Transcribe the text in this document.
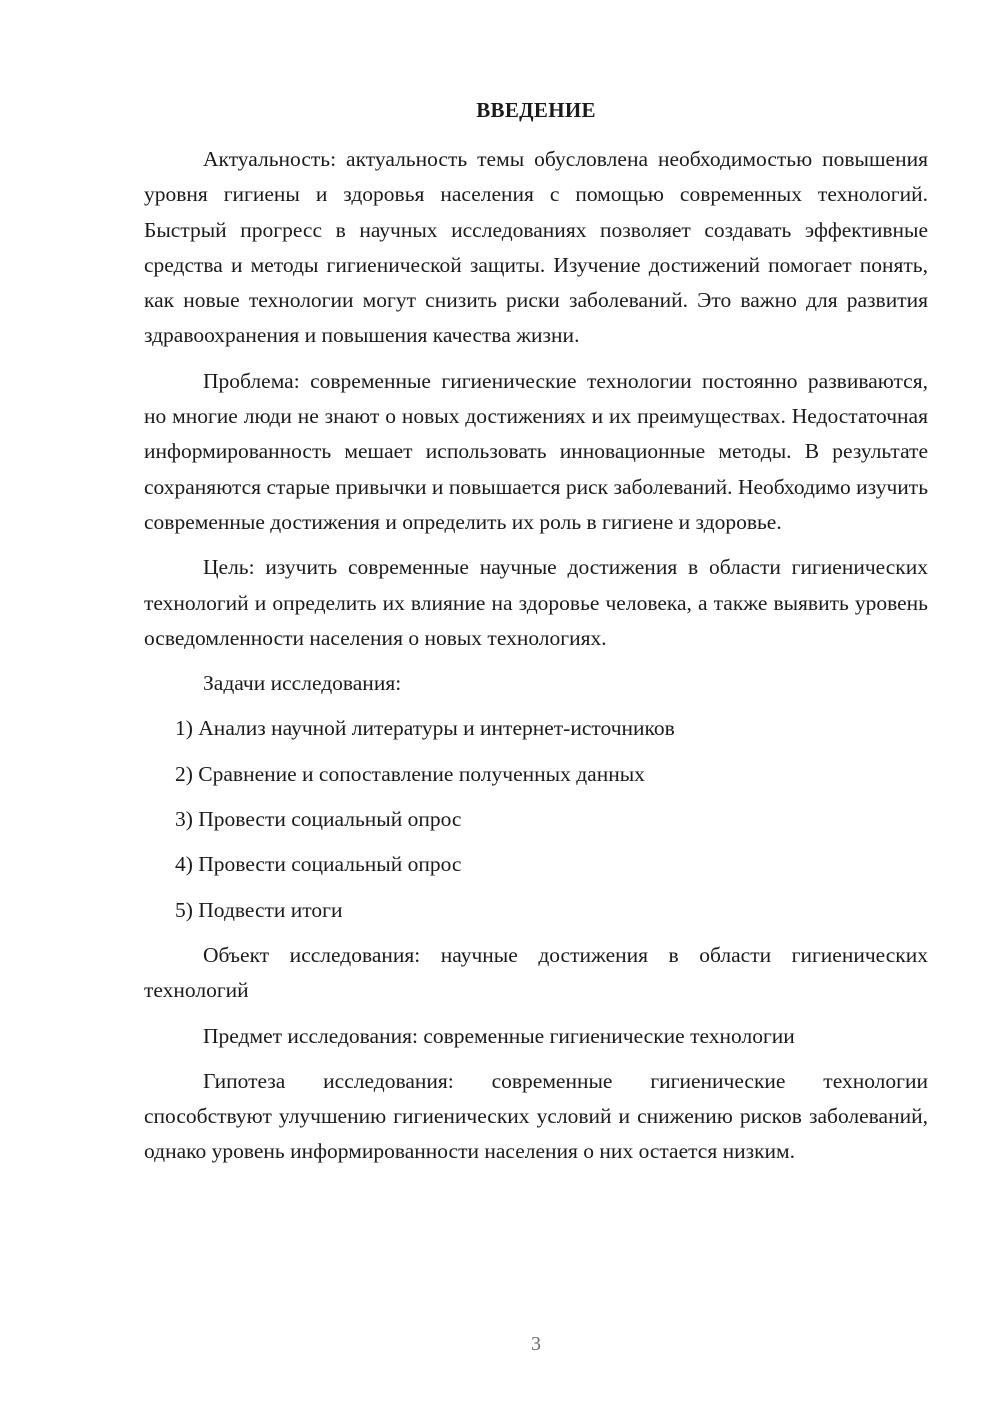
ВВЕДЕНИЕ

Актуальность: актуальность темы обусловлена необходимостью повышения уровня гигиены и здоровья населения с помощью современных технологий. Быстрый прогресс в научных исследованиях позволяет создавать эффективные средства и методы гигиенической защиты. Изучение достижений помогает понять, как новые технологии могут снизить риски заболеваний. Это важно для развития здравоохранения и повышения качества жизни.

Проблема: современные гигиенические технологии постоянно развиваются, но многие люди не знают о новых достижениях и их преимуществах. Недостаточная информированность мешает использовать инновационные методы. В результате сохраняются старые привычки и повышается риск заболеваний. Необходимо изучить современные достижения и определить их роль в гигиене и здоровье.

Цель: изучить современные научные достижения в области гигиенических технологий и определить их влияние на здоровье человека, а также выявить уровень осведомленности населения о новых технологиях.

Задачи исследования:

1) Анализ научной литературы и интернет-источников
2) Сравнение и сопоставление полученных данных
3) Провести социальный опрос
4) Провести социальный опрос
5) Подвести итоги

Объект исследования: научные достижения в области гигиенических технологий

Предмет исследования: современные гигиенические технологии

Гипотеза исследования: современные гигиенические технологии способствуют улучшению гигиенических условий и снижению рисков заболеваний, однако уровень информированности населения о них остается низким.

3
